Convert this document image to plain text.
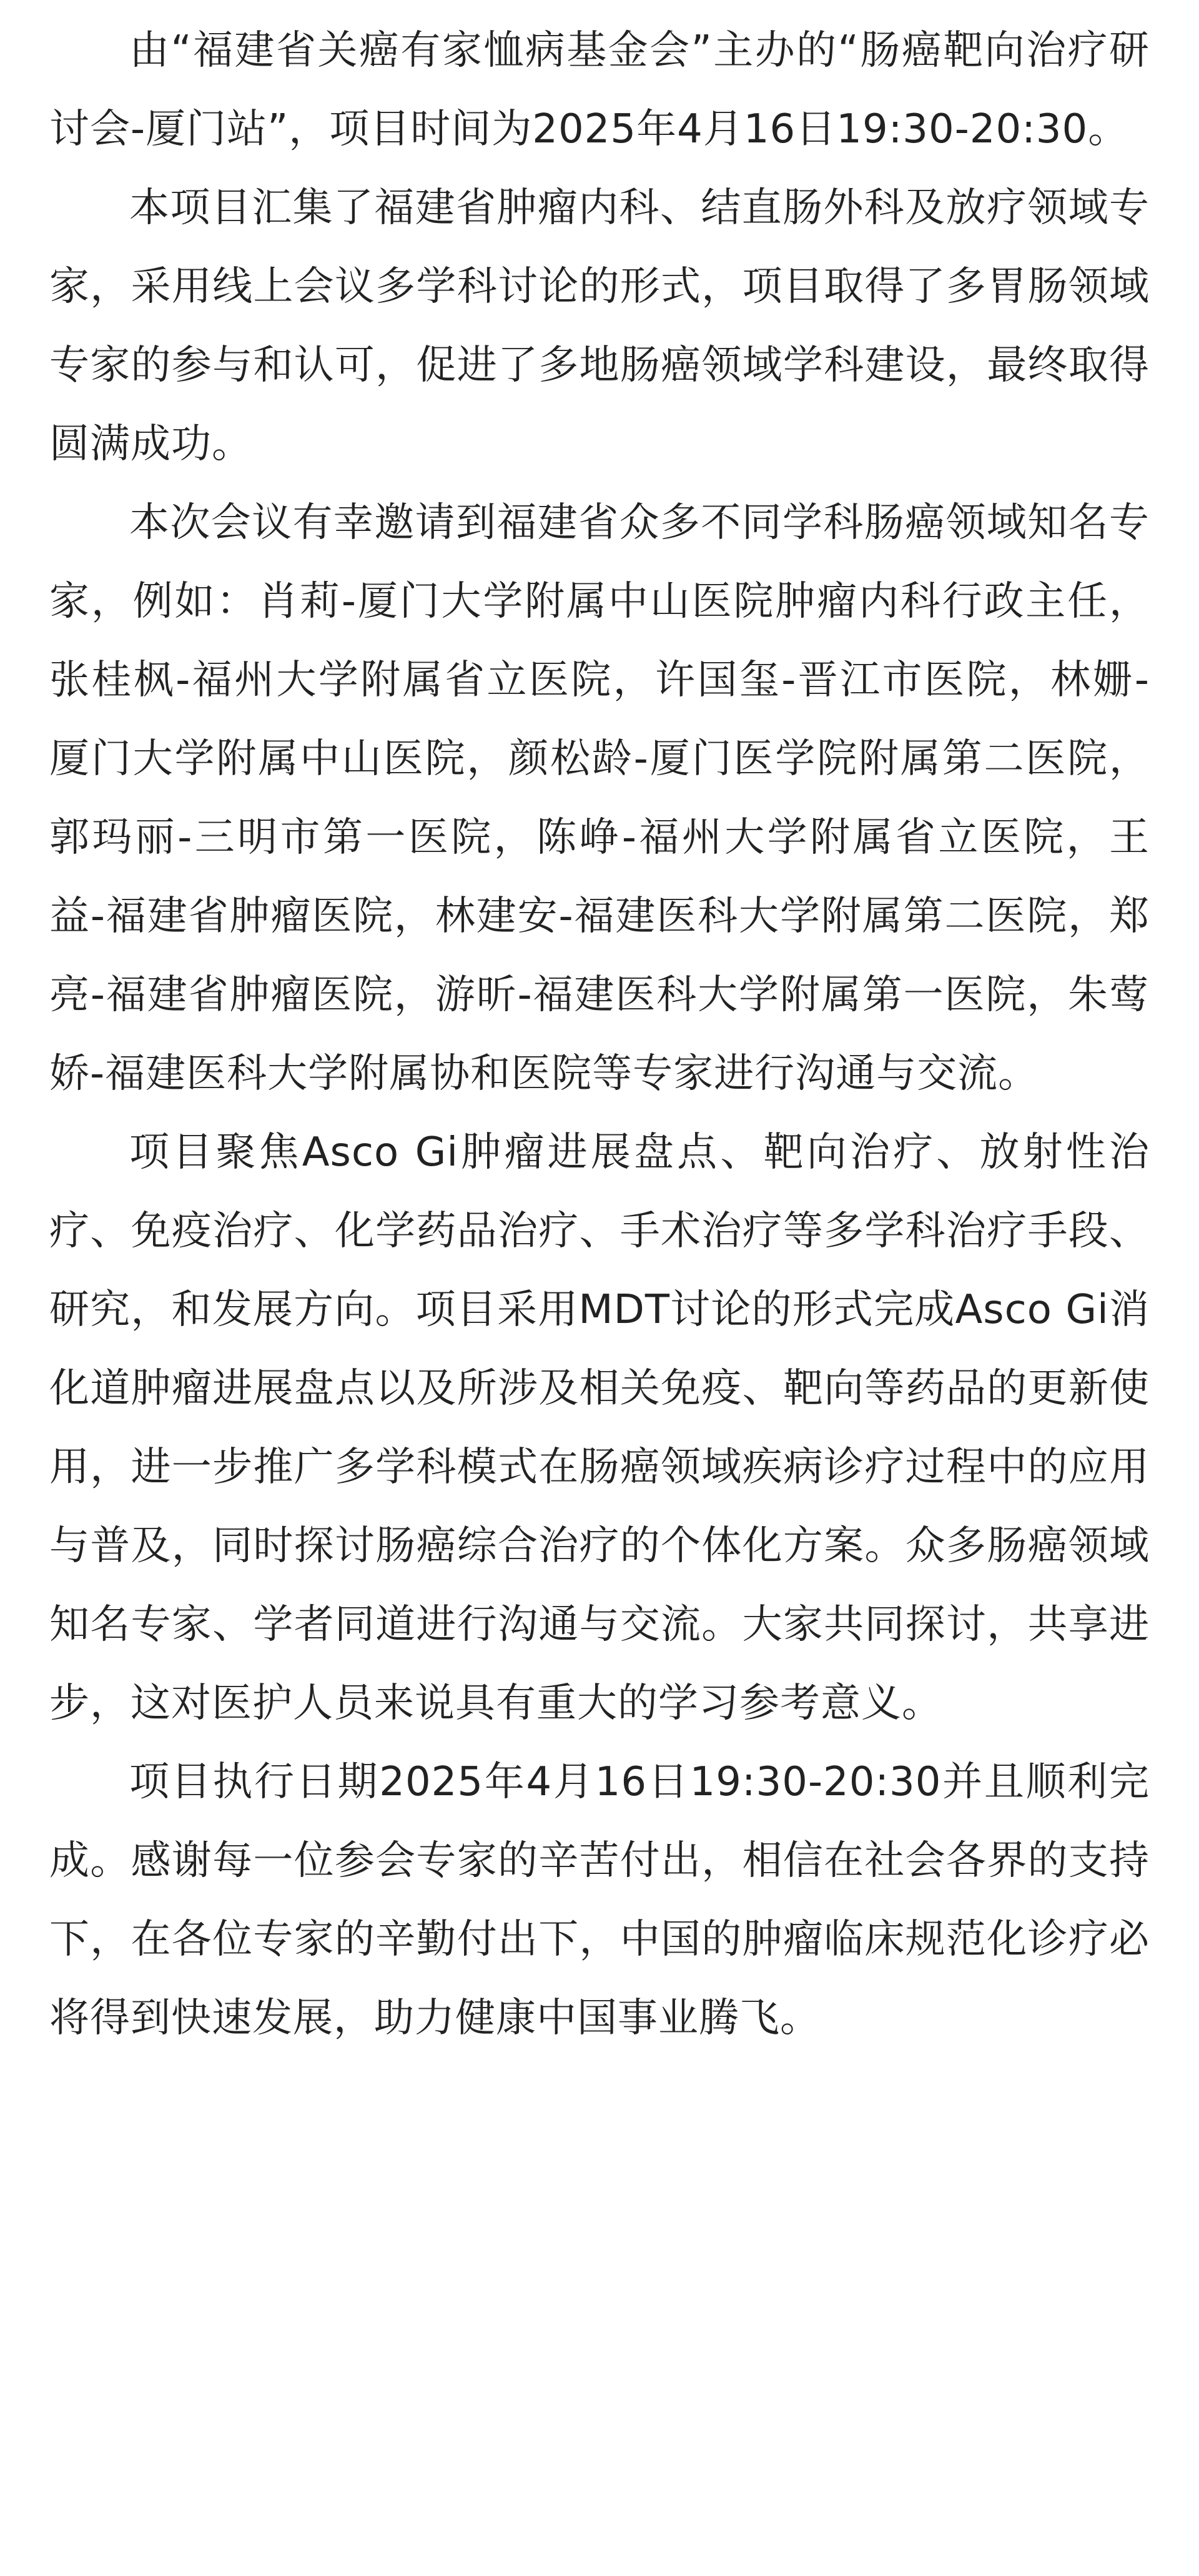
由“福建省关癌有家恤病基金会”主办的“肠癌靶向治疗研讨会-厦门站”，项目时间为2025年4月16日19:30-20:30。

本项目汇集了福建省肿瘤内科、结直肠外科及放疗领域专家，采用线上会议多学科讨论的形式，项目取得了多胃肠领域专家的参与和认可，促进了多地肠癌领域学科建设，最终取得圆满成功。

本次会议有幸邀请到福建省众多不同学科肠癌领域知名专家，例如：肖莉-厦门大学附属中山医院肿瘤内科行政主任，张桂枫-福州大学附属省立医院，许国玺-晋江市医院，林姗-厦门大学附属中山医院，颜松龄-厦门医学院附属第二医院，郭玛丽-三明市第一医院，陈峥-福州大学附属省立医院，王益-福建省肿瘤医院，林建安-福建医科大学附属第二医院，郑亮-福建省肿瘤医院，游昕-福建医科大学附属第一医院，朱莺娇-福建医科大学附属协和医院等专家进行沟通与交流。

项目聚焦Asco Gi肿瘤进展盘点、靶向治疗、放射性治疗、免疫治疗、化学药品治疗、手术治疗等多学科治疗手段、研究，和发展方向。项目采用MDT讨论的形式完成Asco Gi消化道肿瘤进展盘点以及所涉及相关免疫、靶向等药品的更新使用，进一步推广多学科模式在肠癌领域疾病诊疗过程中的应用与普及，同时探讨肠癌综合治疗的个体化方案。众多肠癌领域知名专家、学者同道进行沟通与交流。大家共同探讨，共享进步，这对医护人员来说具有重大的学习参考意义。

项目执行日期2025年4月16日19:30-20:30并且顺利完成。感谢每一位参会专家的辛苦付出，相信在社会各界的支持下，在各位专家的辛勤付出下，中国的肿瘤临床规范化诊疗必将得到快速发展，助力健康中国事业腾飞。
